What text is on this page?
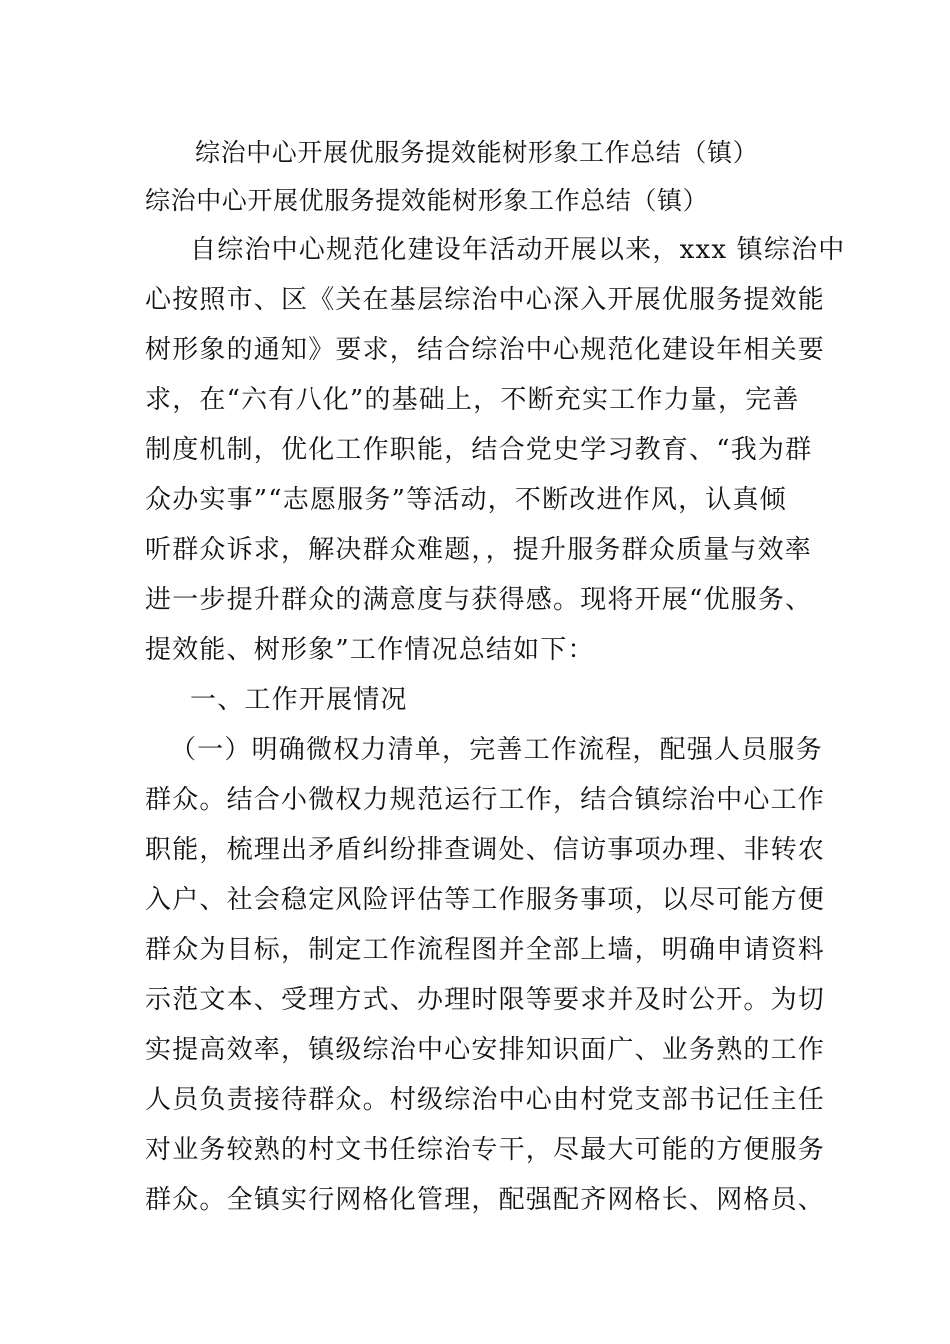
综治中心开展优服务提效能树形象工作总结（镇）
综治中心开展优服务提效能树形象工作总结（镇）
自综治中心规范化建设年活动开展以来，xxx 镇综治中
心按照市、区《关在基层综治中心深入开展优服务提效能
树形象的通知》要求，结合综治中心规范化建设年相关要
求，在“六有八化”的基础上，不断充实工作力量，完善
制度机制，优化工作职能，结合党史学习教育、“我为群
众办实事”“志愿服务”等活动，不断改进作风，认真倾
听群众诉求，解决群众难题，，提升服务群众质量与效率
进一步提升群众的满意度与获得感。现将开展“优服务、
提效能、树形象”工作情况总结如下：
一、工作开展情况
（一）明确微权力清单，完善工作流程，配强人员服务
群众。结合小微权力规范运行工作，结合镇综治中心工作
职能，梳理出矛盾纠纷排查调处、信访事项办理、非转农
入户、社会稳定风险评估等工作服务事项，以尽可能方便
群众为目标，制定工作流程图并全部上墙，明确申请资料
示范文本、受理方式、办理时限等要求并及时公开。为切
实提高效率，镇级综治中心安排知识面广、业务熟的工作
人员负责接待群众。村级综治中心由村党支部书记任主任
对业务较熟的村文书任综治专干，尽最大可能的方便服务
群众。全镇实行网格化管理，配强配齐网格长、网格员、
